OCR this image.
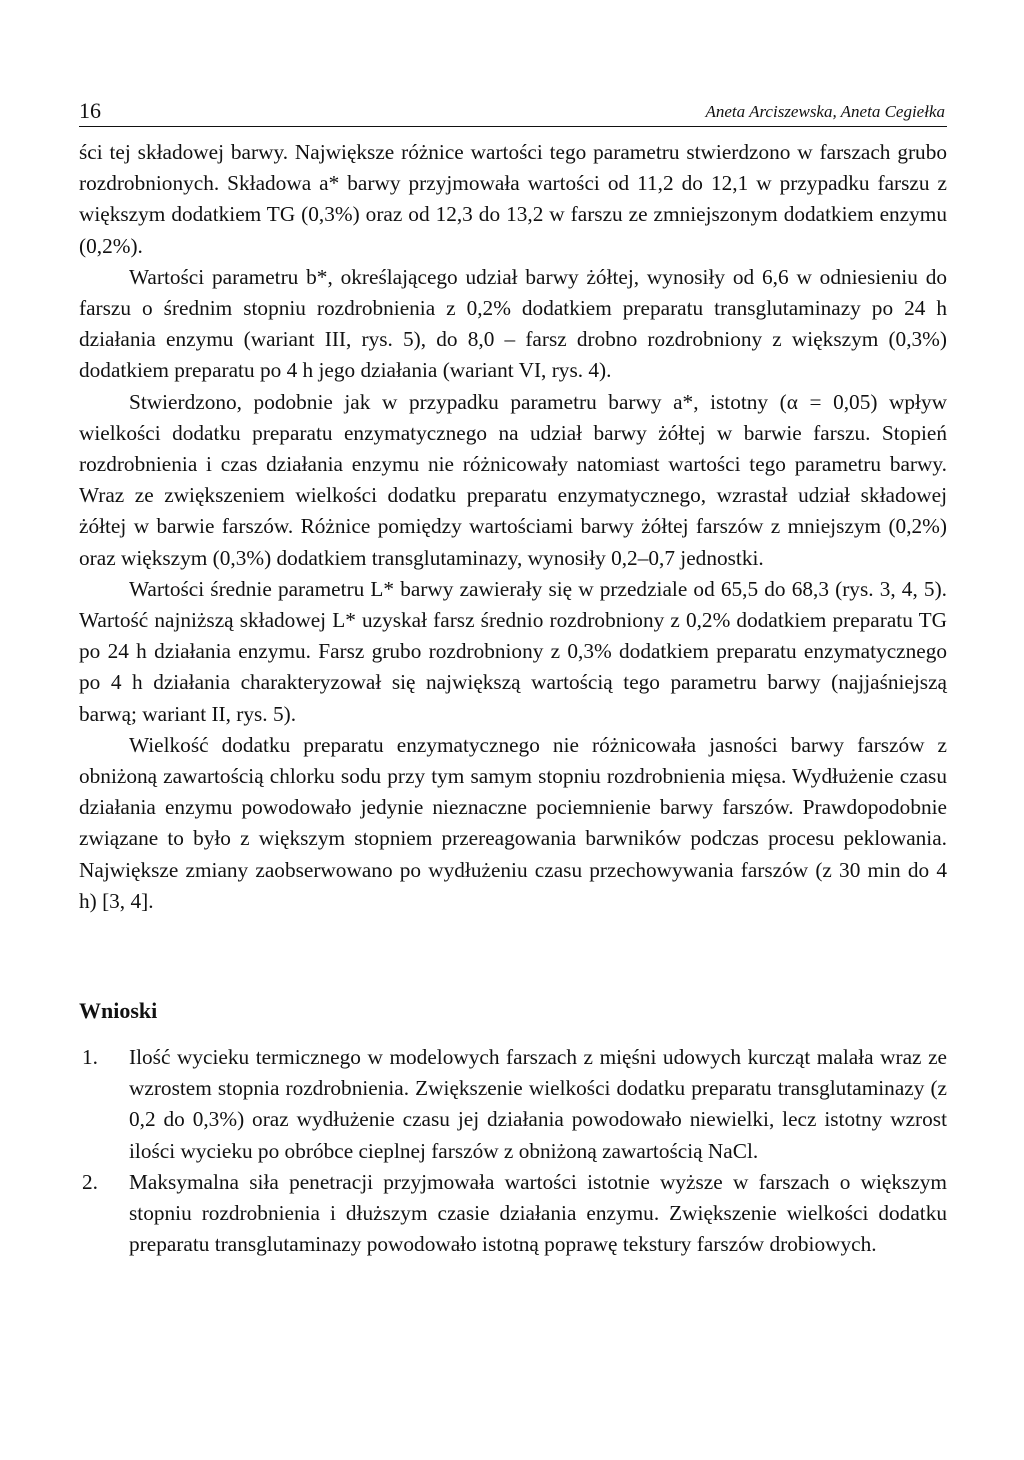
16	Aneta Arciszewska, Aneta Cegiełka

ści tej składowej barwy. Największe różnice wartości tego parametru stwierdzono w farszach grubo rozdrobnionych. Składowa a* barwy przyjmowała wartości od 11,2 do 12,1 w przypadku farszu z większym dodatkiem TG (0,3%) oraz od 12,3 do 13,2 w farszu ze zmniejszonym dodatkiem enzymu (0,2%).

Wartości parametru b*, określającego udział barwy żółtej, wynosiły od 6,6 w odniesieniu do farszu o średnim stopniu rozdrobnienia z 0,2% dodatkiem preparatu transglutaminazy po 24 h działania enzymu (wariant III, rys. 5), do 8,0 – farsz drobno rozdrobniony z większym (0,3%) dodatkiem preparatu po 4 h jego działania (wariant VI, rys. 4).

Stwierdzono, podobnie jak w przypadku parametru barwy a*, istotny (α = 0,05) wpływ wielkości dodatku preparatu enzymatycznego na udział barwy żółtej w barwie farszu. Stopień rozdrobnienia i czas działania enzymu nie różnicowały natomiast wartości tego parametru barwy. Wraz ze zwiększeniem wielkości dodatku preparatu enzymatycznego, wzrastał udział składowej żółtej w barwie farszów. Różnice pomiędzy wartościami barwy żółtej farszów z mniejszym (0,2%) oraz większym (0,3%) dodatkiem transglutaminazy, wynosiły 0,2–0,7 jednostki.

Wartości średnie parametru L* barwy zawierały się w przedziale od 65,5 do 68,3 (rys. 3, 4, 5). Wartość najniższą składowej L* uzyskał farsz średnio rozdrobniony z 0,2% dodatkiem preparatu TG po 24 h działania enzymu. Farsz grubo rozdrobniony z 0,3% dodatkiem preparatu enzymatycznego po 4 h działania charakteryzował się największą wartością tego parametru barwy (najjaśniejszą barwą; wariant II, rys. 5).

Wielkość dodatku preparatu enzymatycznego nie różnicowała jasności barwy farszów z obniżoną zawartością chlorku sodu przy tym samym stopniu rozdrobnienia mięsa. Wydłużenie czasu działania enzymu powodowało jedynie nieznaczne pociemnienie barwy farszów. Prawdopodobnie związane to było z większym stopniem przereagowania barwników podczas procesu peklowania. Największe zmiany zaobserwowano po wydłużeniu czasu przechowywania farszów (z 30 min do 4 h) [3, 4].

Wnioski
1. Ilość wycieku termicznego w modelowych farszach z mięśni udowych kurcząt malała wraz ze wzrostem stopnia rozdrobnienia. Zwiększenie wielkości dodatku preparatu transglutaminazy (z 0,2 do 0,3%) oraz wydłużenie czasu jej działania powodowało niewielki, lecz istotny wzrost ilości wycieku po obróbce cieplnej farszów z obniżoną zawartością NaCl.
2. Maksymalna siła penetracji przyjmowała wartości istotnie wyższe w farszach o większym stopniu rozdrobnienia i dłuższym czasie działania enzymu. Zwiększenie wielkości dodatku preparatu transglutaminazy powodowało istotną poprawę tekstury farszów drobiowych.
